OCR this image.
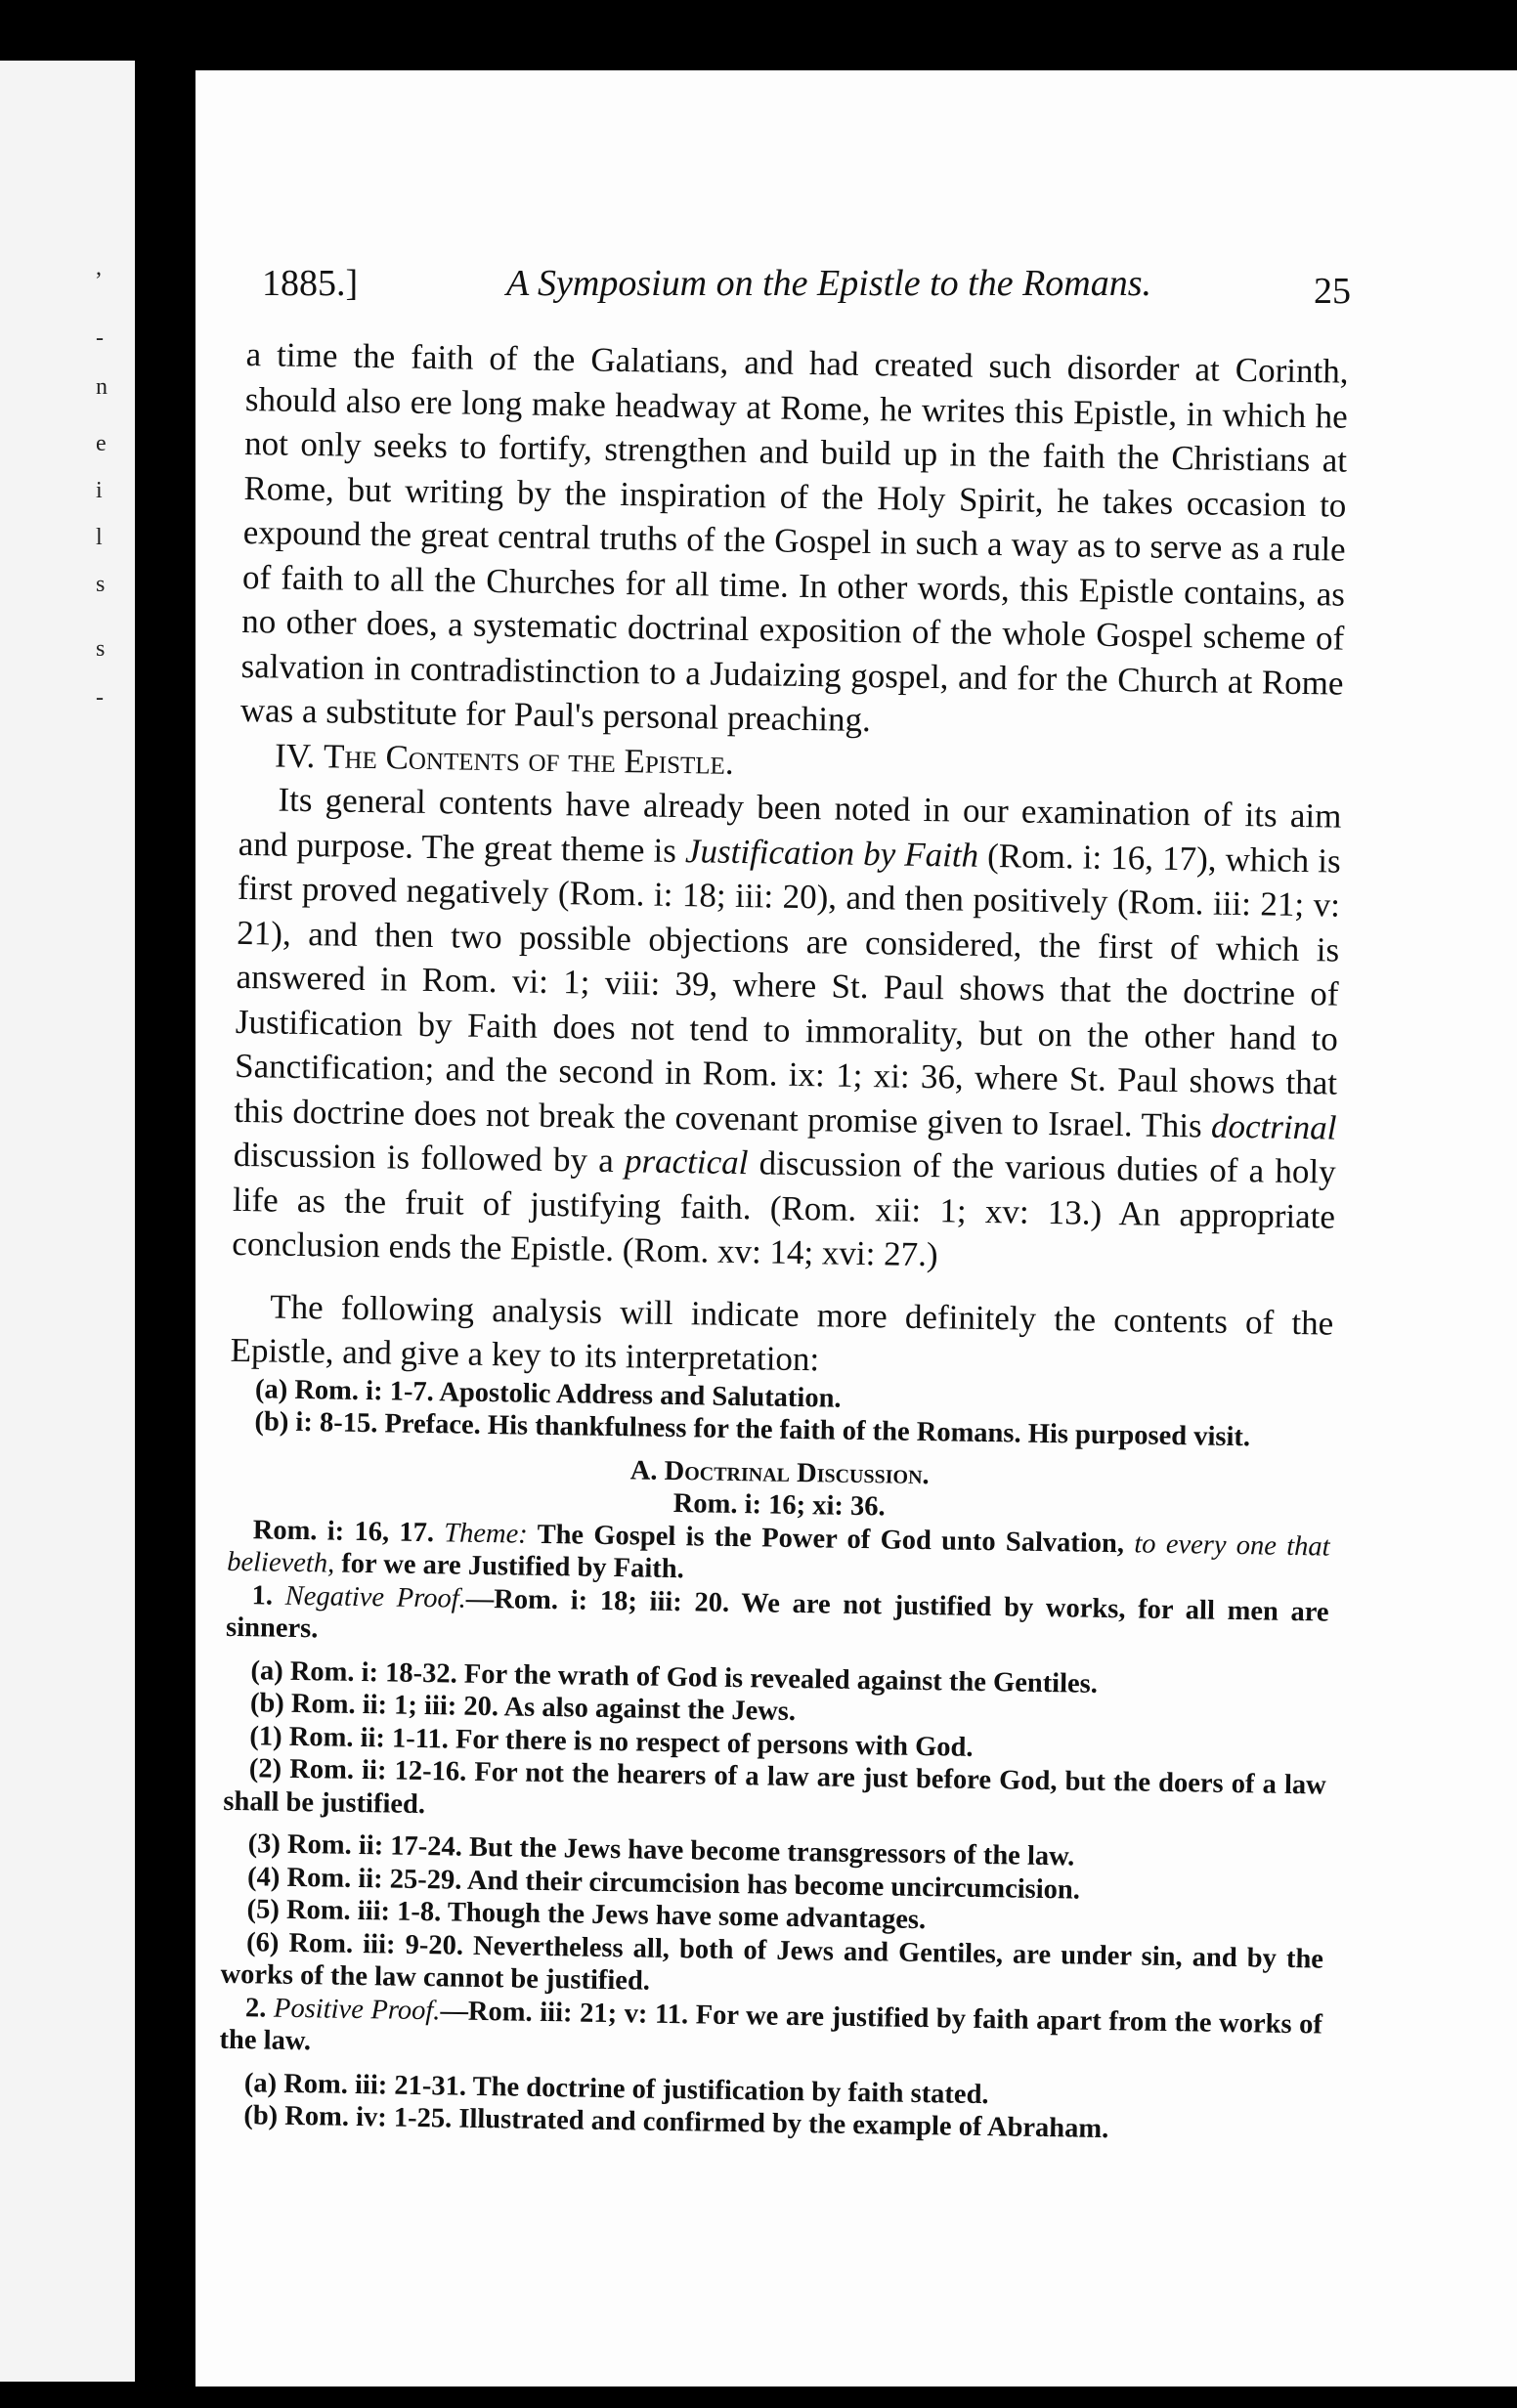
,
-
n
e
i
l
s
s
-
1885.]	A Symposium on the Epistle to the Romans.	25

a time the faith of the Galatians, and had created such disorder at Corinth, should also ere long make headway at Rome, he writes this Epistle, in which he not only seeks to fortify, strengthen and build up in the faith the Christians at Rome, but writing by the inspiration of the Holy Spirit, he takes occasion to expound the great central truths of the Gospel in such a way as to serve as a rule of faith to all the Churches for all time. In other words, this Epistle contains, as no other does, a systematic doctrinal exposition of the whole Gospel scheme of salvation in contradistinction to a Judaizing gospel, and for the Church at Rome was a substitute for Paul's personal preaching.

IV. The Contents of the Epistle.

Its general contents have already been noted in our examination of its aim and purpose. The great theme is Justification by Faith (Rom. i: 16, 17), which is first proved negatively (Rom. i: 18; iii: 20), and then positively (Rom. iii: 21; v: 21), and then two possible objections are considered, the first of which is answered in Rom. vi: 1; viii: 39, where St. Paul shows that the doctrine of Justification by Faith does not tend to immorality, but on the other hand to Sanctification; and the second in Rom. ix: 1; xi: 36, where St. Paul shows that this doctrine does not break the covenant promise given to Israel. This doctrinal discussion is followed by a practical discussion of the various duties of a holy life as the fruit of justifying faith. (Rom. xii: 1; xv: 13.) An appropriate conclusion ends the Epistle. (Rom. xv: 14; xvi: 27.)

The following analysis will indicate more definitely the contents of the Epistle, and give a key to its interpretation:

(a) Rom. i: 1-7. Apostolic Address and Salutation.

(b) i: 8-15. Preface. His thankfulness for the faith of the Romans. His purposed visit.

A. Doctrinal Discussion.

Rom. i: 16; xi: 36.

Rom. i: 16, 17. Theme: The Gospel is the Power of God unto Salvation, to every one that believeth, for we are Justified by Faith.

1. Negative Proof.—Rom. i: 18; iii: 20. We are not justified by works, for all men are sinners.

(a) Rom. i: 18-32. For the wrath of God is revealed against the Gentiles.

(b) Rom. ii: 1; iii: 20. As also against the Jews.

(1) Rom. ii: 1-11. For there is no respect of persons with God.

(2) Rom. ii: 12-16. For not the hearers of a law are just before God, but the doers of a law shall be justified.

(3) Rom. ii: 17-24. But the Jews have become transgressors of the law.

(4) Rom. ii: 25-29. And their circumcision has become uncircumcision.

(5) Rom. iii: 1-8. Though the Jews have some advantages.

(6) Rom. iii: 9-20. Nevertheless all, both of Jews and Gentiles, are under sin, and by the works of the law cannot be justified.

2. Positive Proof.—Rom. iii: 21; v: 11. For we are justified by faith apart from the works of the law.

(a) Rom. iii: 21-31. The doctrine of justification by faith stated.

(b) Rom. iv: 1-25. Illustrated and confirmed by the example of Abraham.
